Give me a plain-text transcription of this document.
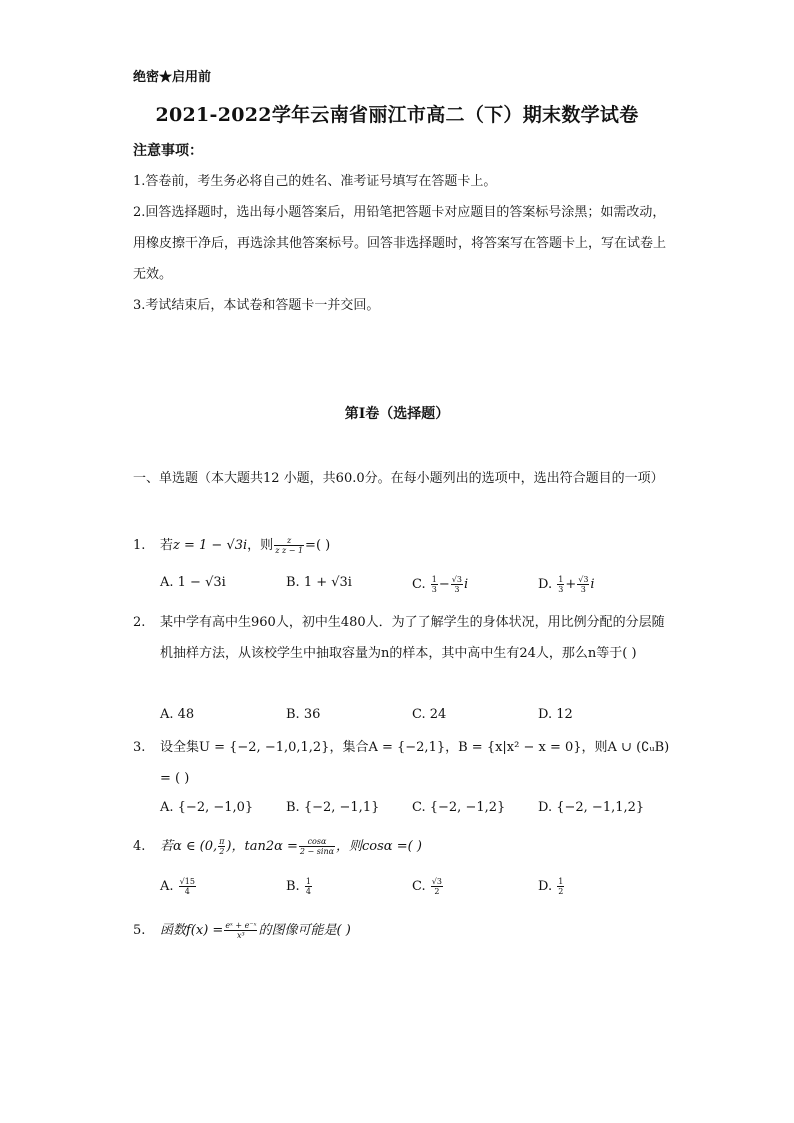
绝密★启用前
2021-2022学年云南省丽江市高二（下）期末数学试卷
注意事项：
1.答卷前，考生务必将自己的姓名、准考证号填写在答题卡上。
2.回答选择题时，选出每小题答案后，用铅笔把答题卡对应题目的答案标号涂黑；如需改动，用橡皮擦干净后，再选涂其他答案标号。回答非选择题时，将答案写在答题卡上，写在试卷上无效。
3.考试结束后，本试卷和答题卡一并交回。
第I卷（选择题）
一、单选题（本大题共12 小题，共60.0分。在每小题列出的选项中，选出符合题目的一项）
1.	若z = 1 − √3i，则 $\frac{z}{\text{z z − 1}}$ =( )
A. 1 − √3i	B. 1 + √3i	C. $\frac{1}{3} - \frac{√3}{3}$ i	D. $\frac{1}{3} + \frac{√3}{3}$ i
2.	某中学有高中生960人，初中生480人．为了了解学生的身体状况，用比例分配的分层随机抽样方法，从该校学生中抽取容量为n的样本，其中高中生有24人，那么n等于( )
A. 48	B. 36	C. 24	D. 12
3.	设全集U = {−2, −1,0,1,2}，集合A = {−2,1}，B = {x|x² − x = 0}，则A ∪ (∁ᵤB) = ( )
A. {−2, −1,0}	B. {−2, −1,1}	C. {−2, −1,2}	D. {−2, −1,1,2}
4.	若α ∈ (0, $\frac{\pi}{2}$ )，$\tan 2\alpha = \frac{\cos\alpha}{2 - \sin\alpha}$ ，则cosα =( )
A. $\frac{√15}{4}$	B. $\frac{1}{4}$	C. $\frac{√3}{2}$	D. $\frac{1}{2}$
5.	函数$f(x) = \frac{\text{eˣ + e⁻ˣ}}{\text{x³}}$ 的图像可能是( )
